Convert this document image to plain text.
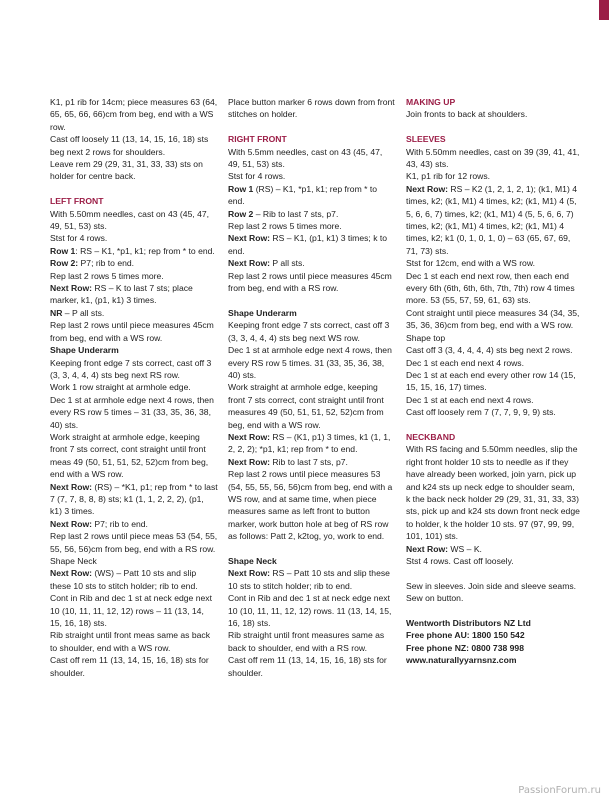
K1, p1 rib for 14cm; piece measures 63 (64, 65, 65, 66, 66)cm from beg, end with a WS row.
Cast off loosely 11 (13, 14, 15, 16, 18) sts beg next 2 rows for shoulders.
Leave rem 29 (29, 31, 31, 33, 33) sts on holder for centre back.
LEFT FRONT
With 5.50mm needles, cast on 43 (45, 47, 49, 51, 53) sts.
Stst for 4 rows.
Row 1: RS – K1, *p1, k1; rep from * to end.
Row 2: P7; rib to end.
Rep last 2 rows 5 times more.
Next Row: RS – K to last 7 sts; place marker, k1, (p1, k1) 3 times.
NR – P all sts.
Rep last 2 rows until piece measures 45cm from beg, end with a WS row.
Shape Underarm
Keeping front edge 7 sts correct, cast off 3 (3, 3, 4, 4, 4) sts beg next RS row.
Work 1 row straight at armhole edge.
Dec 1 st at armhole edge next 4 rows, then every RS row 5 times – 31 (33, 35, 36, 38, 40) sts.
Work straight at armhole edge, keeping front 7 sts correct, cont straight until front meas 49 (50, 51, 51, 52, 52)cm from beg, end with a WS row.
Next Row: (RS) – *K1, p1; rep from * to last 7 (7, 7, 8, 8, 8) sts; k1 (1, 1, 2, 2, 2), (p1, k1) 3 times.
Next Row: P7; rib to end.
Rep last 2 rows until piece meas 53 (54, 55, 55, 56, 56)cm from beg, end with a RS row.
Shape Neck
Next Row: (WS) – Patt 10 sts and slip these 10 sts to stitch holder; rib to end.
Cont in Rib and dec 1 st at neck edge next 10 (10, 11, 11, 12, 12) rows – 11 (13, 14, 15, 16, 18) sts.
Rib straight until front meas same as back to shoulder, end with a WS row.
Cast off rem 11 (13, 14, 15, 16, 18) sts for shoulder.
Place button marker 6 rows down from front stitches on holder.
RIGHT FRONT
With 5.5mm needles, cast on 43 (45, 47, 49, 51, 53) sts.
Stst for 4 rows.
Row 1 (RS) – K1, *p1, k1; rep from * to end.
Row 2 – Rib to last 7 sts, p7.
Rep last 2 rows 5 times more.
Next Row: RS – K1, (p1, k1) 3 times; k to end.
Next Row: P all sts.
Rep last 2 rows until piece measures 45cm from beg, end with a RS row.
Shape Underarm
Keeping front edge 7 sts correct, cast off 3 (3, 3, 4, 4, 4) sts beg next WS row.
Dec 1 st at armhole edge next 4 rows, then every RS row 5 times. 31 (33, 35, 36, 38, 40) sts.
Work straight at armhole edge, keeping front 7 sts correct, cont straight until front measures 49 (50, 51, 51, 52, 52)cm from beg, end with a WS row.
Next Row: RS – (K1, p1) 3 times, k1 (1, 1, 2, 2, 2); *p1, k1; rep from * to end.
Next Row: Rib to last 7 sts, p7.
Rep last 2 rows until piece measures 53 (54, 55, 55, 56, 56)cm from beg, end with a WS row, and at same time, when piece measures same as left front to button marker, work button hole at beg of RS row as follows: Patt 2, k2tog, yo, work to end.
Shape Neck
Next Row: RS – Patt 10 sts and slip these 10 sts to stitch holder; rib to end.
Cont in Rib and dec 1 st at neck edge next 10 (10, 11, 11, 12, 12) rows. 11 (13, 14, 15, 16, 18) sts.
Rib straight until front measures same as back to shoulder, end with a RS row.
Cast off rem 11 (13, 14, 15, 16, 18) sts for shoulder.
MAKING UP
Join fronts to back at shoulders.
SLEEVES
With 5.50mm needles, cast on 39 (39, 41, 41, 43, 43) sts.
K1, p1 rib for 12 rows.
Next Row: RS – K2 (1, 2, 1, 2, 1); (k1, M1) 4 times, k2; (k1, M1) 4 times, k2; (k1, M1) 4 (5, 5, 6, 6, 7) times, k2; (k1, M1) 4 (5, 5, 6, 6, 7) times, k2; (k1, M1) 4 times, k2; (k1, M1) 4 times, k2; k1 (0, 1, 0, 1, 0) – 63 (65, 67, 69, 71, 73) sts.
Stst for 12cm, end with a WS row.
Dec 1 st each end next row, then each end every 6th (6th, 6th, 6th, 7th, 7th) row 4 times more. 53 (55, 57, 59, 61, 63) sts.
Cont straight until piece measures 34 (34, 35, 35, 36, 36)cm from beg, end with a WS row.
Shape top
Cast off 3 (3, 4, 4, 4, 4) sts beg next 2 rows.
Dec 1 st each end next 4 rows.
Dec 1 st at each end every other row 14 (15, 15, 15, 16, 17) times.
Dec 1 st at each end next 4 rows.
Cast off loosely rem 7 (7, 7, 9, 9, 9) sts.
NECKBAND
With RS facing and 5.50mm needles, slip the right front holder 10 sts to needle as if they have already been worked, join yarn, pick up and k24 sts up neck edge to shoulder seam, k the back neck holder 29 (29, 31, 31, 33, 33) sts, pick up and k24 sts down front neck edge to holder, k the holder 10 sts. 97 (97, 99, 99, 101, 101) sts.
Next Row: WS – K.
Stst 4 rows. Cast off loosely.
Sew in sleeves. Join side and sleeve seams. Sew on button.
Wentworth Distributors NZ Ltd
Free phone AU: 1800 150 542
Free phone NZ: 0800 738 998
www.naturallyyarnsnz.com
PassionForum.ru
